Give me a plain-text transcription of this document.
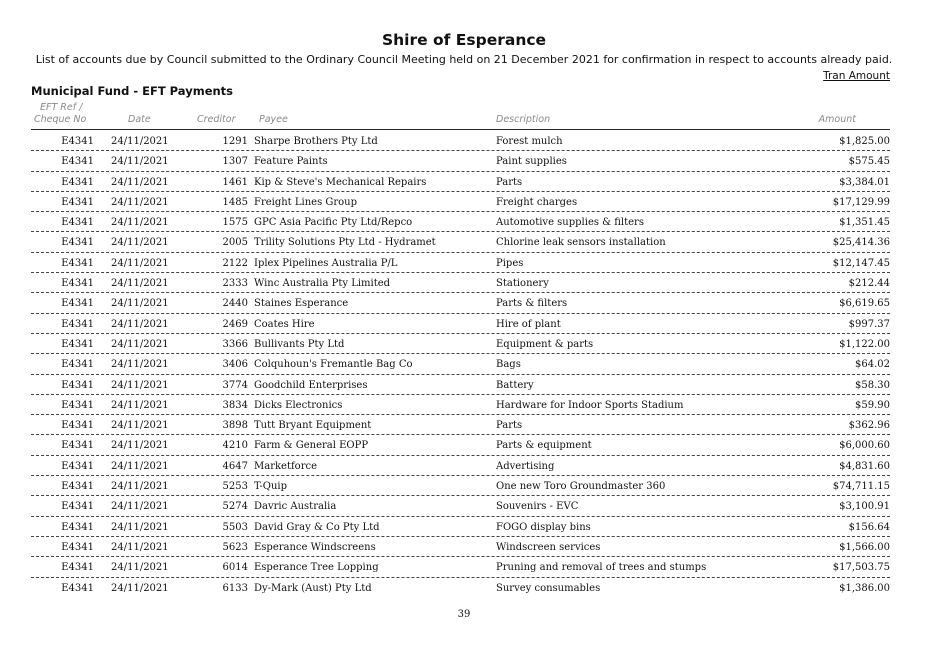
Shire of Esperance
List of accounts due by Council submitted to the Ordinary Council Meeting held on 21 December 2021 for confirmation in respect to accounts already paid.
Tran Amount
Municipal Fund - EFT Payments
EFT Ref /
Cheque No	Date	Creditor Payee	Description	Amount
E4341 24/11/2021	1291 Sharpe Brothers Pty Ltd	Forest mulch	$1,825.00
E4341 24/11/2021	1307 Feature Paints	Paint supplies	$575.45
E4341 24/11/2021	1461 Kip & Steve's Mechanical Repairs	Parts	$3,384.01
E4341 24/11/2021	1485 Freight Lines Group	Freight charges	$17,129.99
E4341 24/11/2021	1575 GPC Asia Pacific Pty Ltd/Repco	Automotive supplies & filters	$1,351.45
E4341 24/11/2021	2005 Trility Solutions Pty Ltd - Hydramet	Chlorine leak sensors installation	$25,414.36
E4341 24/11/2021	2122 Iplex Pipelines Australia P/L	Pipes	$12,147.45
E4341 24/11/2021	2333 Winc Australia Pty Limited	Stationery	$212.44
E4341 24/11/2021	2440 Staines Esperance	Parts & filters	$6,619.65
E4341 24/11/2021	2469 Coates Hire	Hire of plant	$997.37
E4341 24/11/2021	3366 Bullivants Pty Ltd	Equipment & parts	$1,122.00
E4341 24/11/2021	3406 Colquhoun's Fremantle Bag Co	Bags	$64.02
E4341 24/11/2021	3774 Goodchild Enterprises	Battery	$58.30
E4341 24/11/2021	3834 Dicks Electronics	Hardware for Indoor Sports Stadium	$59.90
E4341 24/11/2021	3898 Tutt Bryant Equipment	Parts	$362.96
E4341 24/11/2021	4210 Farm & General EOPP	Parts & equipment	$6,000.60
E4341 24/11/2021	4647 Marketforce	Advertising	$4,831.60
E4341 24/11/2021	5253 T-Quip	One new Toro Groundmaster 360	$74,711.15
E4341 24/11/2021	5274 Davric Australia	Souvenirs - EVC	$3,100.91
E4341 24/11/2021	5503 David Gray & Co Pty Ltd	FOGO display bins	$156.64
E4341 24/11/2021	5623 Esperance Windscreens	Windscreen services	$1,566.00
E4341 24/11/2021	6014 Esperance Tree Lopping	Pruning and removal of trees and stumps	$17,503.75
E4341 24/11/2021	6133 Dy-Mark (Aust) Pty Ltd	Survey consumables	$1,386.00
39
